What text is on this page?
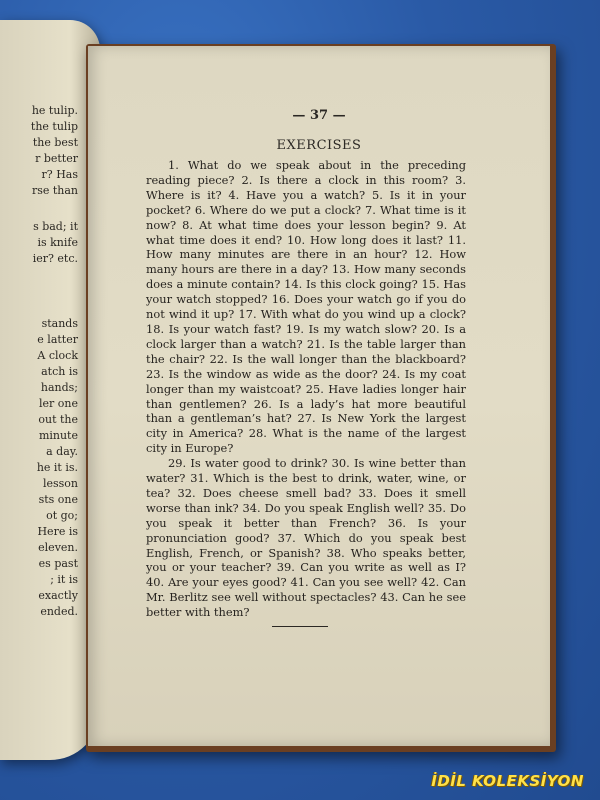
he tulip.
the tulip
the best
r better
r? Has
rse than
s bad; it
is knife
ier? etc.
stands
e latter
A clock
atch is
hands;
ler one
out the
minute
a day.
he it is.
lesson
sts one
ot go;
Here is
eleven.
es past
; it is
exactly
ended.
— 37 —
EXERCISES

1. What do we speak about in the preceding reading piece? 2. Is there a clock in this room? 3. Where is it? 4. Have you a watch? 5. Is it in your pocket? 6. Where do we put a clock? 7. What time is it now? 8. At what time does your lesson begin? 9. At what time does it end? 10. How long does it last? 11. How many minutes are there in an hour? 12. How many hours are there in a day? 13. How many seconds does a minute contain? 14. Is this clock going? 15. Has your watch stopped? 16. Does your watch go if you do not wind it up? 17. With what do you wind up a clock? 18. Is your watch fast? 19. Is my watch slow? 20. Is a clock larger than a watch? 21. Is the table larger than the chair? 22. Is the wall longer than the blackboard? 23. Is the window as wide as the door? 24. Is my coat longer than my waistcoat? 25. Have ladies longer hair than gentlemen? 26. Is a lady’s hat more beautiful than a gentleman’s hat? 27. Is New York the largest city in America? 28. What is the name of the largest city in Europe?

29. Is water good to drink? 30. Is wine better than water? 31. Which is the best to drink, water, wine, or tea? 32. Does cheese smell bad? 33. Does it smell worse than ink? 34. Do you speak English well? 35. Do you speak it better than French? 36. Is your pronunciation good? 37. Which do you speak best English, French, or Spanish? 38. Who speaks better, you or your teacher? 39. Can you write as well as I? 40. Are your eyes good? 41. Can you see well? 42. Can Mr. Berlitz see well without spectacles? 43. Can he see better with them?

İDİL KOLEKSİYON
